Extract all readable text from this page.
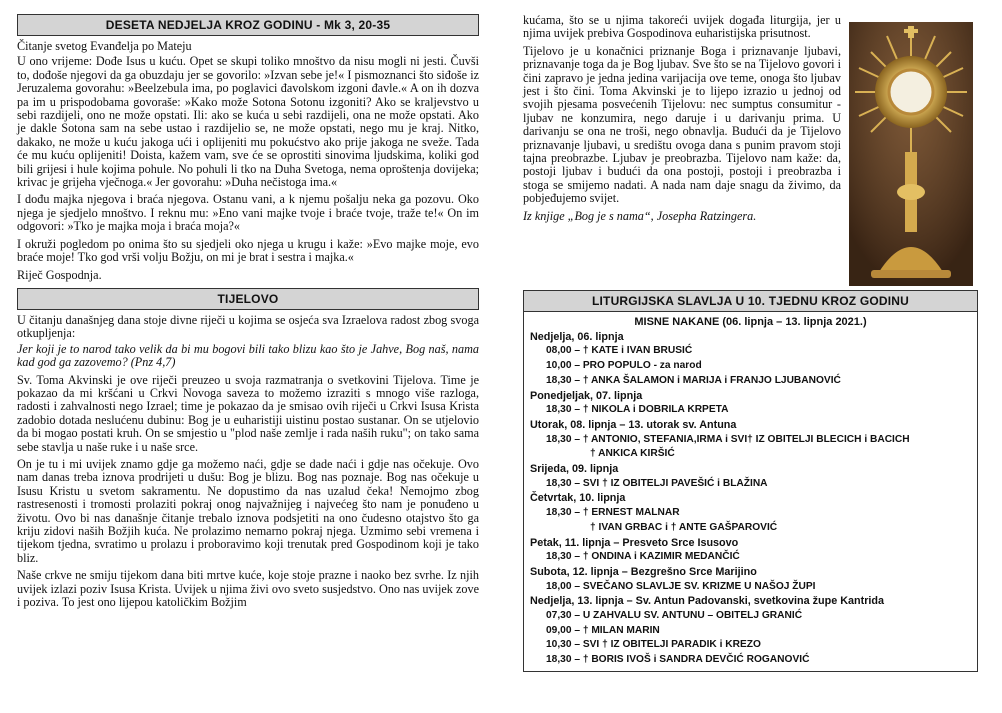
DESETA NEDJELJA KROZ GODINU - Mk 3, 20-35

Čitanje svetog Evanđelja po Mateju

U ono vrijeme: Dođe Isus u kuću. Opet se skupi toliko mnoštvo da nisu mogli ni jesti. Čuvši to, dođoše njegovi da ga obuzdaju jer se govorilo: »Izvan sebe je!« I pismoznanci što siđoše iz Jeruzalema govorahu: »Beelzebula ima, po poglavici đavolskom izgoni đavle.« A on ih dozva pa im u prispodobama govoraše: »Kako može Sotona Sotonu izgoniti? Ako se kraljevstvo u sebi razdijeli, ono ne može opstati. Ili: ako se kuća u sebi razdijeli, ona ne može opstati. Ako je dakle Sotona sam na sebe ustao i razdijelio se, ne može opstati, nego mu je kraj. Nitko, dakako, ne može u kuću jakoga ući i oplijeniti mu pokućstvo ako prije jakoga ne sveže. Tada će mu kuću oplijeniti! Doista, kažem vam, sve će se oprostiti sinovima ljudskima, koliki god bili grijesi i hule kojima pohule. No pohuli li tko na Duha Svetoga, nema oproštenja dovijeka; krivac je grijeha vječnoga.« Jer govorahu: »Duha nečistoga ima.«

I dođu majka njegova i braća njegova. Ostanu vani, a k njemu pošalju neka ga pozovu. Oko njega je sjedjelo mnoštvo. I reknu mu: »Eno vani majke tvoje i braće tvoje, traže te!« On im odgovori: »Tko je majka moja i braća moja?«

I okruži pogledom po onima što su sjedjeli oko njega u krugu i kaže: »Evo majke moje, evo braće moje! Tko god vrši volju Božju, on mi je brat i sestra i majka.«

Riječ Gospodnja.

TIJELOVO

U čitanju današnjeg dana stoje divne riječi u kojima se osjeća sva Izraelova radost zbog svoga otkupljenja:

Jer koji je to narod tako velik da bi mu bogovi bili tako blizu kao što je Jahve, Bog naš, nama kad god ga zazovemo? (Pnz 4,7)

Sv. Toma Akvinski je ove riječi preuzeo u svoja razmatranja o svetkovini Tijelova. Time je pokazao da mi kršćani u Crkvi Novoga saveza to možemo izraziti s mnogo više razloga, radosti i zahvalnosti nego Izrael; time je pokazao da je smisao ovih riječi u Crkvi Isusa Krista zadobio dotada neslućenu dubinu: Bog je u euharistiji uistinu postao sustanar. On se utjelovio da bi mogao postati kruh. On se smjestio u "plod naše zemlje i rada naših ruku"; on tako sama sebe stavlja u naše ruke i u naše srce.

On je tu i mi uvijek znamo gdje ga možemo naći, gdje se dade naći i gdje nas očekuje. Ovo nam danas treba iznova prodrijeti u dušu: Bog je blizu. Bog nas poznaje. Bog nas očekuje u Isusu Kristu u svetom sakramentu. Ne dopustimo da nas uzalud čeka! Nemojmo zbog rastresenosti i tromosti prolaziti pokraj onog najvažnijeg i najvećeg što nam je ponuđeno u životu. Ovo bi nas današnje čitanje trebalo iznova podsjetiti na ono čudesno otajstvo što ga kriju zidovi naših Božjih kuća. Ne prolazimo nemarno pokraj njega. Uzmimo sebi vremena i tijekom tjedna, svratimo u prolazu i proboravimo koji trenutak pred Gospodinom koji je tako bliz.

Naše crkve ne smiju tijekom dana biti mrtve kuće, koje stoje prazne i naoko bez svrhe. Iz njih uvijek izlazi poziv Isusa Krista. Uvijek u njima živi ovo sveto susjedstvo. Ono nas uvijek zove i poziva. To jest ono lijepou katoličkim Božjim

kućama, što se u njima takoreći uvijek događa liturgija, jer u njima uvijek prebiva Gospodinova euharistijska prisutnost.

Tijelovo je u konačnici priznanje Boga i priznavanje ljubavi, priznavanje toga da je Bog ljubav. Sve što se na Tijelovo govori i čini zapravo je jedna jedina varijacija ove teme, onoga što ljubav jest i što čini. Toma Akvinski je to lijepo izrazio u jednoj od svojih pjesama posvećenih Tijelovu: nec sumptus consumitur - ljubav ne konzumira, nego daruje i u darivanju prima. U darivanju se ona ne troši, nego obnavlja. Budući da je Tijelovo priznavanje ljubavi, u središtu ovoga dana s punim pravom stoji tajna preobrazbe. Ljubav je preobrazba. Tijelovo nam kaže: da, postoji ljubav i budući da ona postoji, postoji i preobrazba i stoga se smijemo nadati. A nada nam daje snagu da živimo, da pobjeđujemo svijet.

Iz knjige „Bog je s nama“, Josepha Ratzingera.

LITURGIJSKA SLAVLJA U 10. TJEDNU KROZ GODINU
MISNE NAKANE (06. lipnja – 13. lipnja 2021.)
Nedjelja, 06. lipnja
08,00 – † KATE i IVAN BRUSIĆ
10,00 – PRO POPULO - za narod
18,30 – † ANKA ŠALAMON i MARIJA i FRANJO LJUBANOVIĆ
Ponedjeljak, 07. lipnja
18,30 – † NIKOLA i DOBRILA KRPETA
Utorak, 08. lipnja – 13. utorak sv. Antuna
18,30 – † ANTONIO, STEFANIA,IRMA i SVI† IZ OBITELJI BLECICH i BACICH
† ANKICA KIRŠIĆ
Srijeda, 09. lipnja
18,30 – SVI † IZ OBITELJI PAVEŠIĆ i BLAŽINA
Četvrtak, 10. lipnja
18,30 – † ERNEST MALNAR
† IVAN GRBAC i † ANTE GAŠPAROVIĆ
Petak, 11. lipnja – Presveto Srce Isusovo
18,30 – † ONDINA i KAZIMIR MEDANČIĆ
Subota, 12. lipnja – Bezgrešno Srce Marijino
18,00 – SVEČANO SLAVLJE SV. KRIZME U NAŠOJ ŽUPI
Nedjelja, 13. lipnja – Sv. Antun Padovanski, svetkovina župe Kantrida
07,30 – U ZAHVALU SV. ANTUNU – OBITELJ GRANIĆ
09,00 – † MILAN MARIN
10,30 – SVI † IZ OBITELJI PARADIK i KREZO
18,30 – † BORIS IVOŠ i SANDRA DEVČIĆ ROGANOVIĆ
